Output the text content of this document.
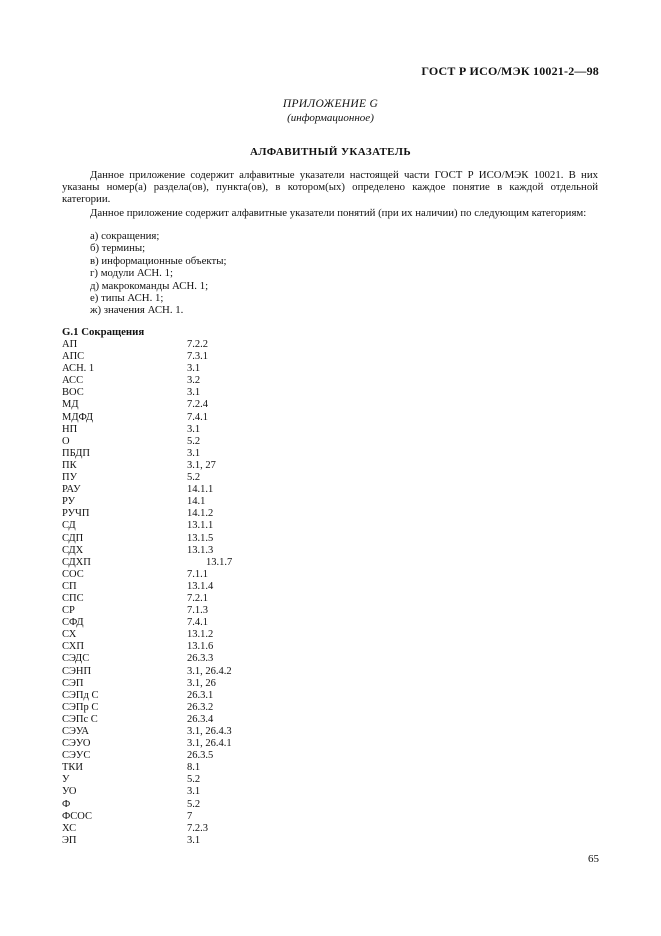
ГОСТ Р ИСО/МЭК 10021-2—98
ПРИЛОЖЕНИЕ G
(информационное)
АЛФАВИТНЫЙ УКАЗАТЕЛЬ

Данное приложение содержит алфавитные указатели настоящей части ГОСТ Р ИСО/МЭК 10021. В них указаны номер(а) раздела(ов), пункта(ов), в котором(ых) определено каждое понятие в каждой отдельной категории.

Данное приложение содержит алфавитные указатели понятий (при их наличии) по следующим категориям:

а) сокращения;
б) термины;
в) информационные объекты;
г) модули АСН. 1;
д) макрокоманды АСН. 1;
е) типы АСН. 1;
ж) значения АСН. 1.
G.1 Сокращения
АП	7.2.2
АПС	7.3.1
АСН. 1	3.1
АСС	3.2
ВОС	3.1
МД	7.2.4
МДФД	7.4.1
НП	3.1
О	5.2
ПБДП	3.1
ПК	3.1, 27
ПУ	5.2
РАУ	14.1.1
РУ	14.1
РУЧП	14.1.2
СД	13.1.1
СДП	13.1.5
СДХ	13.1.3
СДХП	13.1.7
СОС	7.1.1
СП	13.1.4
СПС	7.2.1
СР	7.1.3
СФД	7.4.1
СХ	13.1.2
СХП	13.1.6
СЭДС	26.3.3
СЭНП	3.1, 26.4.2
СЭП	3.1, 26
СЭПд С	26.3.1
СЭПр С	26.3.2
СЭПс С	26.3.4
СЭУА	3.1, 26.4.3
СЭУО	3.1, 26.4.1
СЭУС	26.3.5
ТКИ	8.1
У	5.2
УО	3.1
Ф	5.2
ФСОС	7
ХС	7.2.3
ЭП	3.1
65
